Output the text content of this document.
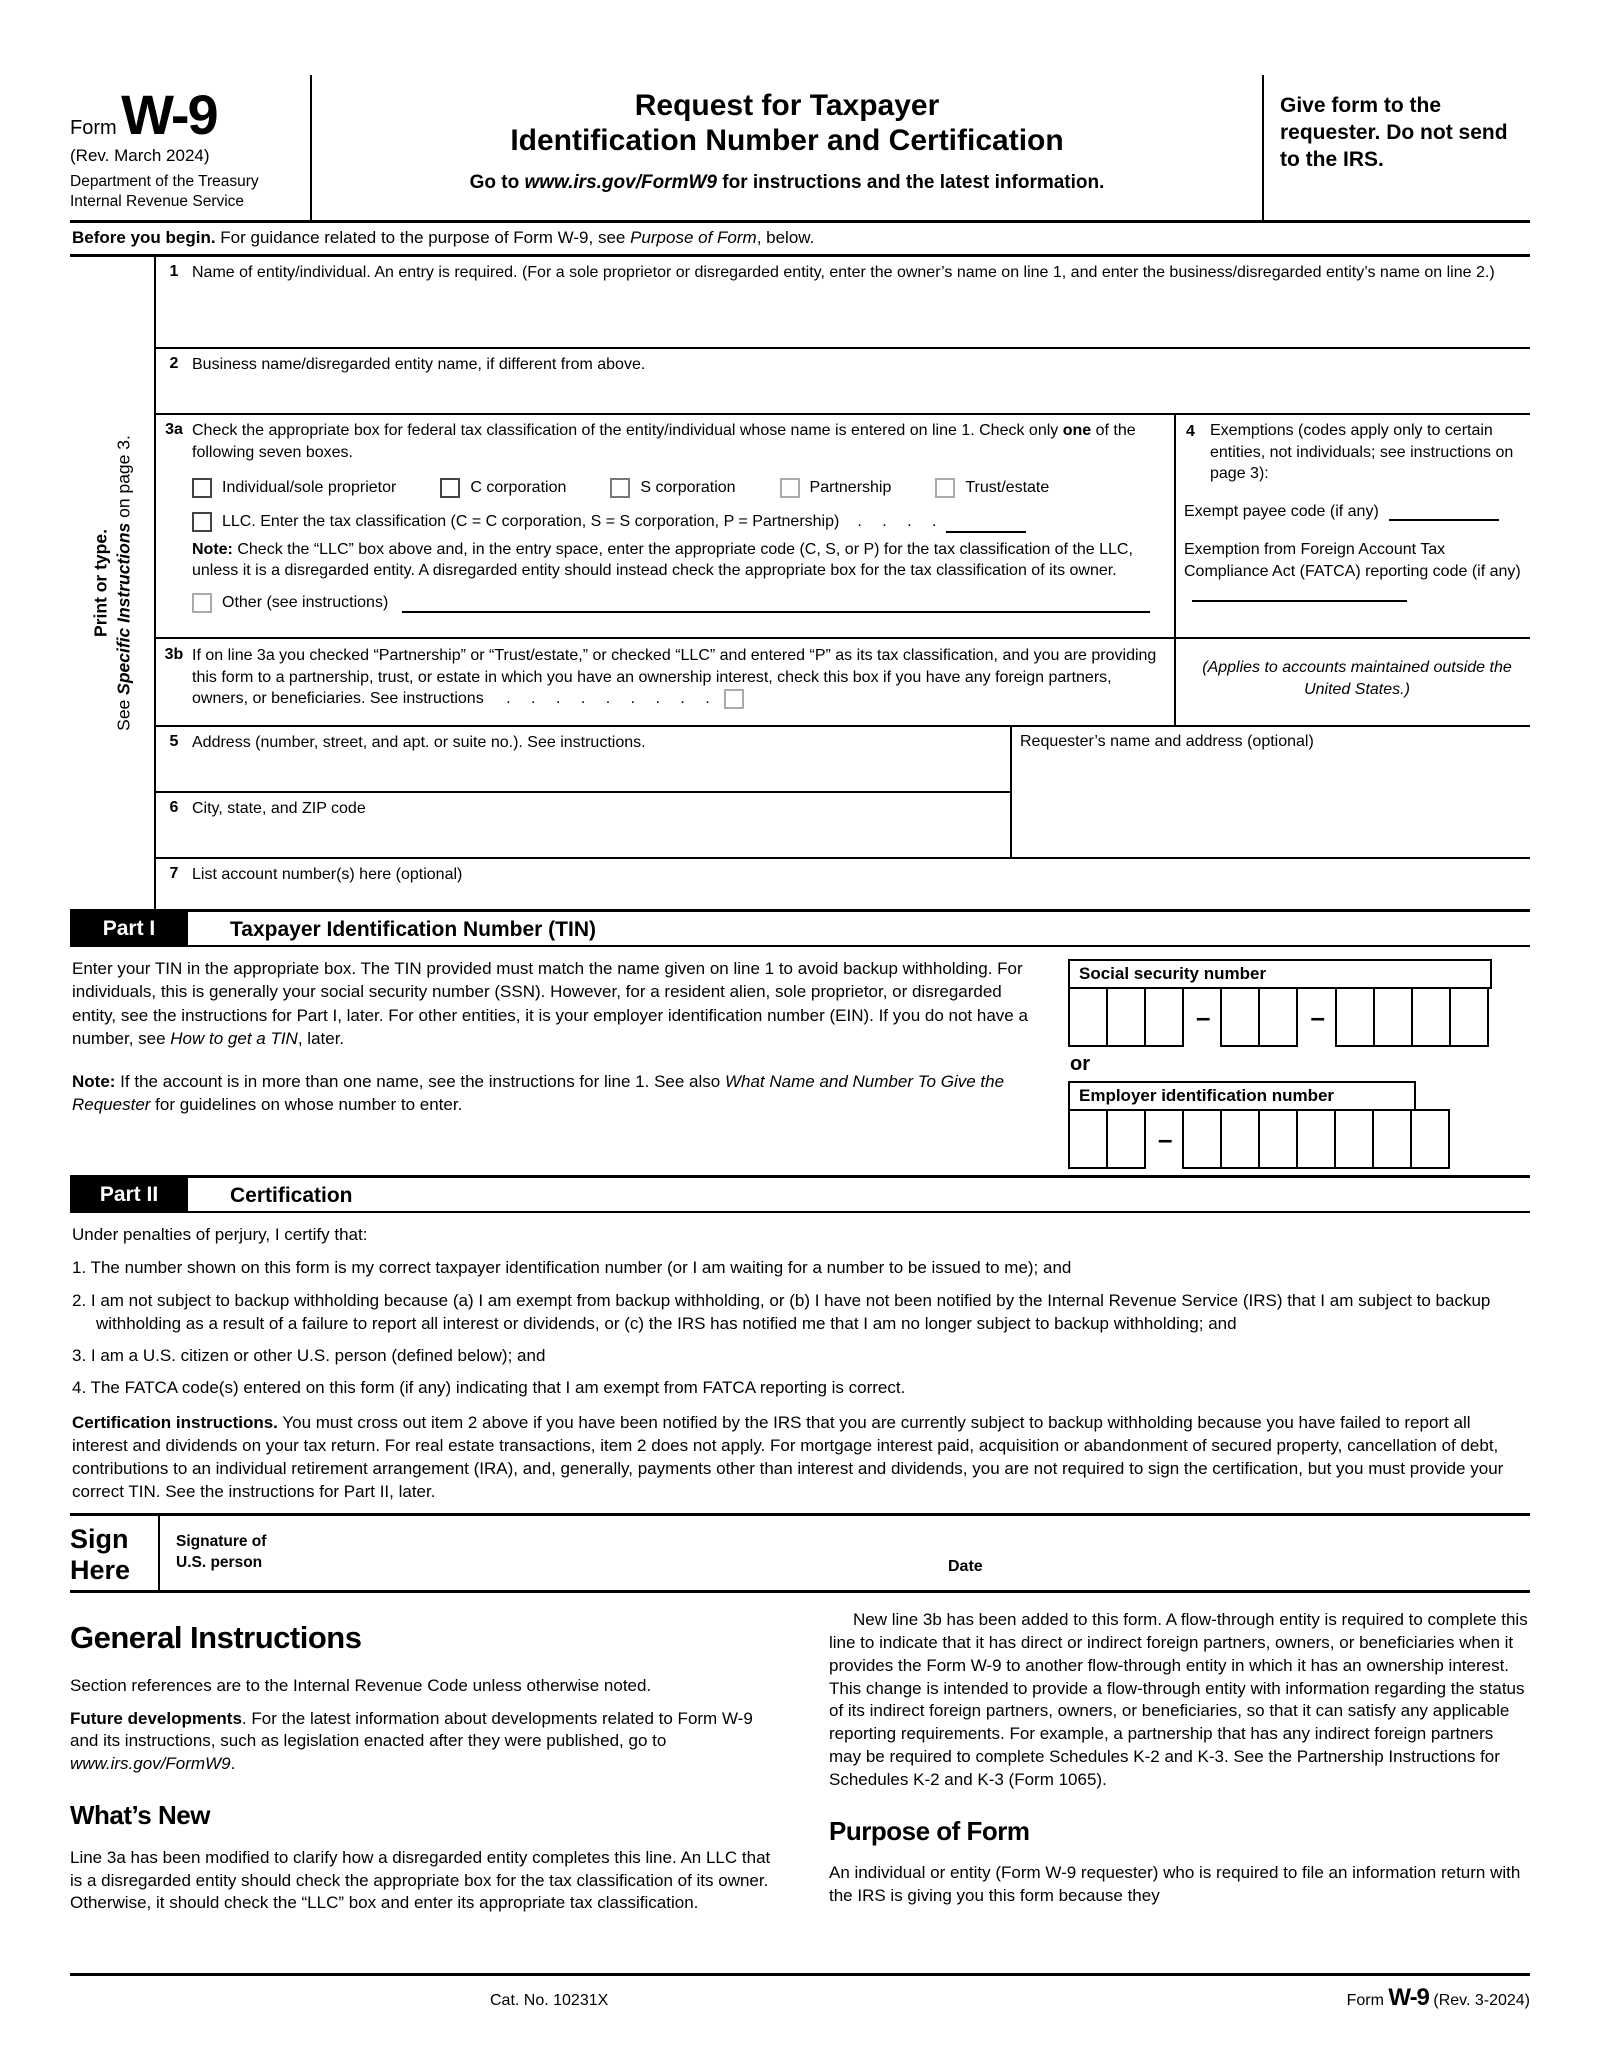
Form W-9
(Rev. March 2024)
Department of the Treasury
Internal Revenue Service
Request for Taxpayer
Identification Number and Certification
Go to www.irs.gov/FormW9 for instructions and the latest information.
Give form to the requester. Do not send to the IRS.
Before you begin. For guidance related to the purpose of Form W-9, see Purpose of Form, below.
Print or type.
See Specific Instructions on page 3.
1 Name of entity/individual. An entry is required. (For a sole proprietor or disregarded entity, enter the owner’s name on line 1, and enter the business/disregarded entity’s name on line 2.)
2 Business name/disregarded entity name, if different from above.
3a Check the appropriate box for federal tax classification of the entity/individual whose name is entered on line 1. Check only one of the following seven boxes.
Individual/sole proprietor	C corporation	S corporation	Partnership	Trust/estate
LLC. Enter the tax classification (C = C corporation, S = S corporation, P = Partnership) . . . .
Note: Check the “LLC” box above and, in the entry space, enter the appropriate code (C, S, or P) for the tax classification of the LLC, unless it is a disregarded entity. A disregarded entity should instead check the appropriate box for the tax classification of its owner.
Other (see instructions)
3b If on line 3a you checked “Partnership” or “Trust/estate,” or checked “LLC” and entered “P” as its tax classification, and you are providing this form to a partnership, trust, or estate in which you have an ownership interest, check this box if you have any foreign partners, owners, or beneficiaries. See instructions . . . . . . . . .
4 Exemptions (codes apply only to certain entities, not individuals; see instructions on page 3):
Exempt payee code (if any)
Exemption from Foreign Account Tax Compliance Act (FATCA) reporting code (if any)
(Applies to accounts maintained outside the United States.)
5 Address (number, street, and apt. or suite no.). See instructions.
6 City, state, and ZIP code
Requester’s name and address (optional)
7 List account number(s) here (optional)
Part I	Taxpayer Identification Number (TIN)

Enter your TIN in the appropriate box. The TIN provided must match the name given on line 1 to avoid backup withholding. For individuals, this is generally your social security number (SSN). However, for a resident alien, sole proprietor, or disregarded entity, see the instructions for Part I, later. For other entities, it is your employer identification number (EIN). If you do not have a number, see How to get a TIN, later.

Note: If the account is in more than one name, see the instructions for line 1. See also What Name and Number To Give the Requester for guidelines on whose number to enter.

Social security number
–	–
or
Employer identification number
–
Part II	Certification

Under penalties of perjury, I certify that:

1. The number shown on this form is my correct taxpayer identification number (or I am waiting for a number to be issued to me); and

2. I am not subject to backup withholding because (a) I am exempt from backup withholding, or (b) I have not been notified by the Internal Revenue Service (IRS) that I am subject to backup withholding as a result of a failure to report all interest or dividends, or (c) the IRS has notified me that I am no longer subject to backup withholding; and

3. I am a U.S. citizen or other U.S. person (defined below); and

4. The FATCA code(s) entered on this form (if any) indicating that I am exempt from FATCA reporting is correct.

Certification instructions. You must cross out item 2 above if you have been notified by the IRS that you are currently subject to backup withholding because you have failed to report all interest and dividends on your tax return. For real estate transactions, item 2 does not apply. For mortgage interest paid, acquisition or abandonment of secured property, cancellation of debt, contributions to an individual retirement arrangement (IRA), and, generally, payments other than interest and dividends, you are not required to sign the certification, but you must provide your correct TIN. See the instructions for Part II, later.

Sign
Here
Signature of
U.S. person	Date
General Instructions

Section references are to the Internal Revenue Code unless otherwise noted.

Future developments. For the latest information about developments related to Form W-9 and its instructions, such as legislation enacted after they were published, go to www.irs.gov/FormW9.

What’s New

Line 3a has been modified to clarify how a disregarded entity completes this line. An LLC that is a disregarded entity should check the appropriate box for the tax classification of its owner. Otherwise, it should check the “LLC” box and enter its appropriate tax classification.

New line 3b has been added to this form. A flow-through entity is required to complete this line to indicate that it has direct or indirect foreign partners, owners, or beneficiaries when it provides the Form W-9 to another flow-through entity in which it has an ownership interest. This change is intended to provide a flow-through entity with information regarding the status of its indirect foreign partners, owners, or beneficiaries, so that it can satisfy any applicable reporting requirements. For example, a partnership that has any indirect foreign partners may be required to complete Schedules K-2 and K-3. See the Partnership Instructions for Schedules K-2 and K-3 (Form 1065).

Purpose of Form

An individual or entity (Form W-9 requester) who is required to file an information return with the IRS is giving you this form because they

Cat. No. 10231X	Form W-9 (Rev. 3-2024)
